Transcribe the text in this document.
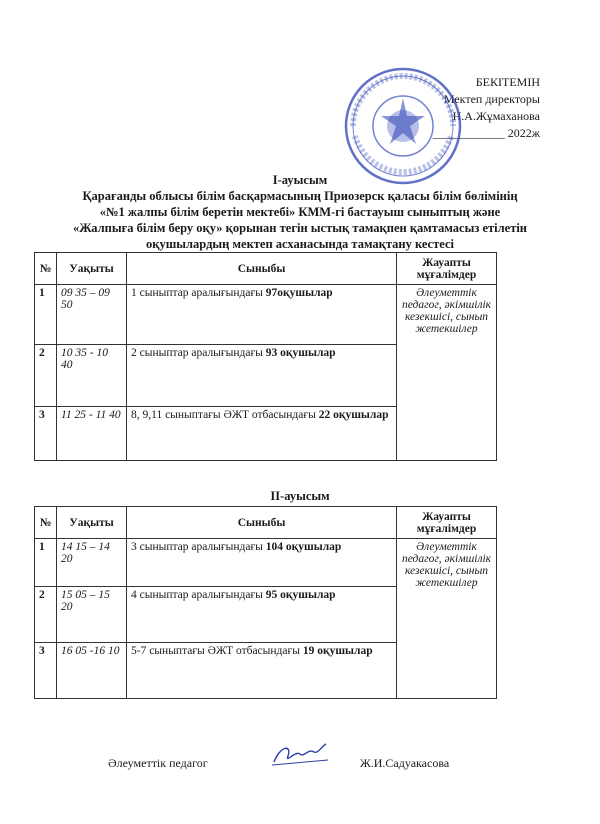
БЕКІТЕМІН
Мектеп директоры
Н.А.Жұмаханова
____________ 2022ж
I-ауысым
Қарағанды облысы білім басқармасының Приозерск қаласы білім бөлімінің
«№1 жалпы білім беретін мектебі» КММ-гі бастауыш сыныптың және
«Жалпыға білім беру оқу» қорынан тегін ыстық тамақпен қамтамасыз етілетін
оқушылардың мектеп асханасында тамақтану кестесі
№	Уақыты	Сыныбы	Жауапты мұғалімдер
1	09 35 – 09 50	1 сыныптар аралығындағы 97оқушылар	Әлеуметтік педагог, әкімшілік кезекшісі, сынып жетекшілер
2	10 35 - 10 40	2 сыныптар аралығындағы 93 оқушылар	
3	11 25 - 11 40	8, 9,11 сыныптағы ӘЖТ отбасындағы 22 оқушылар	
II-ауысым
№	Уақыты	Сыныбы	Жауапты мұғалімдер
1	14 15 – 14 20	3 сыныптар аралығындағы 104 оқушылар	Әлеуметтік педагог, әкімшілік кезекшісі, сынып жетекшілер
2	15 05 – 15 20	4 сыныптар аралығындағы 95 оқушылар	
3	16 05 -16 10	5-7 сыныптағы ӘЖТ отбасындағы 19 оқушылар	
Әлеуметтік педагог	Ж.И.Садуакасова
